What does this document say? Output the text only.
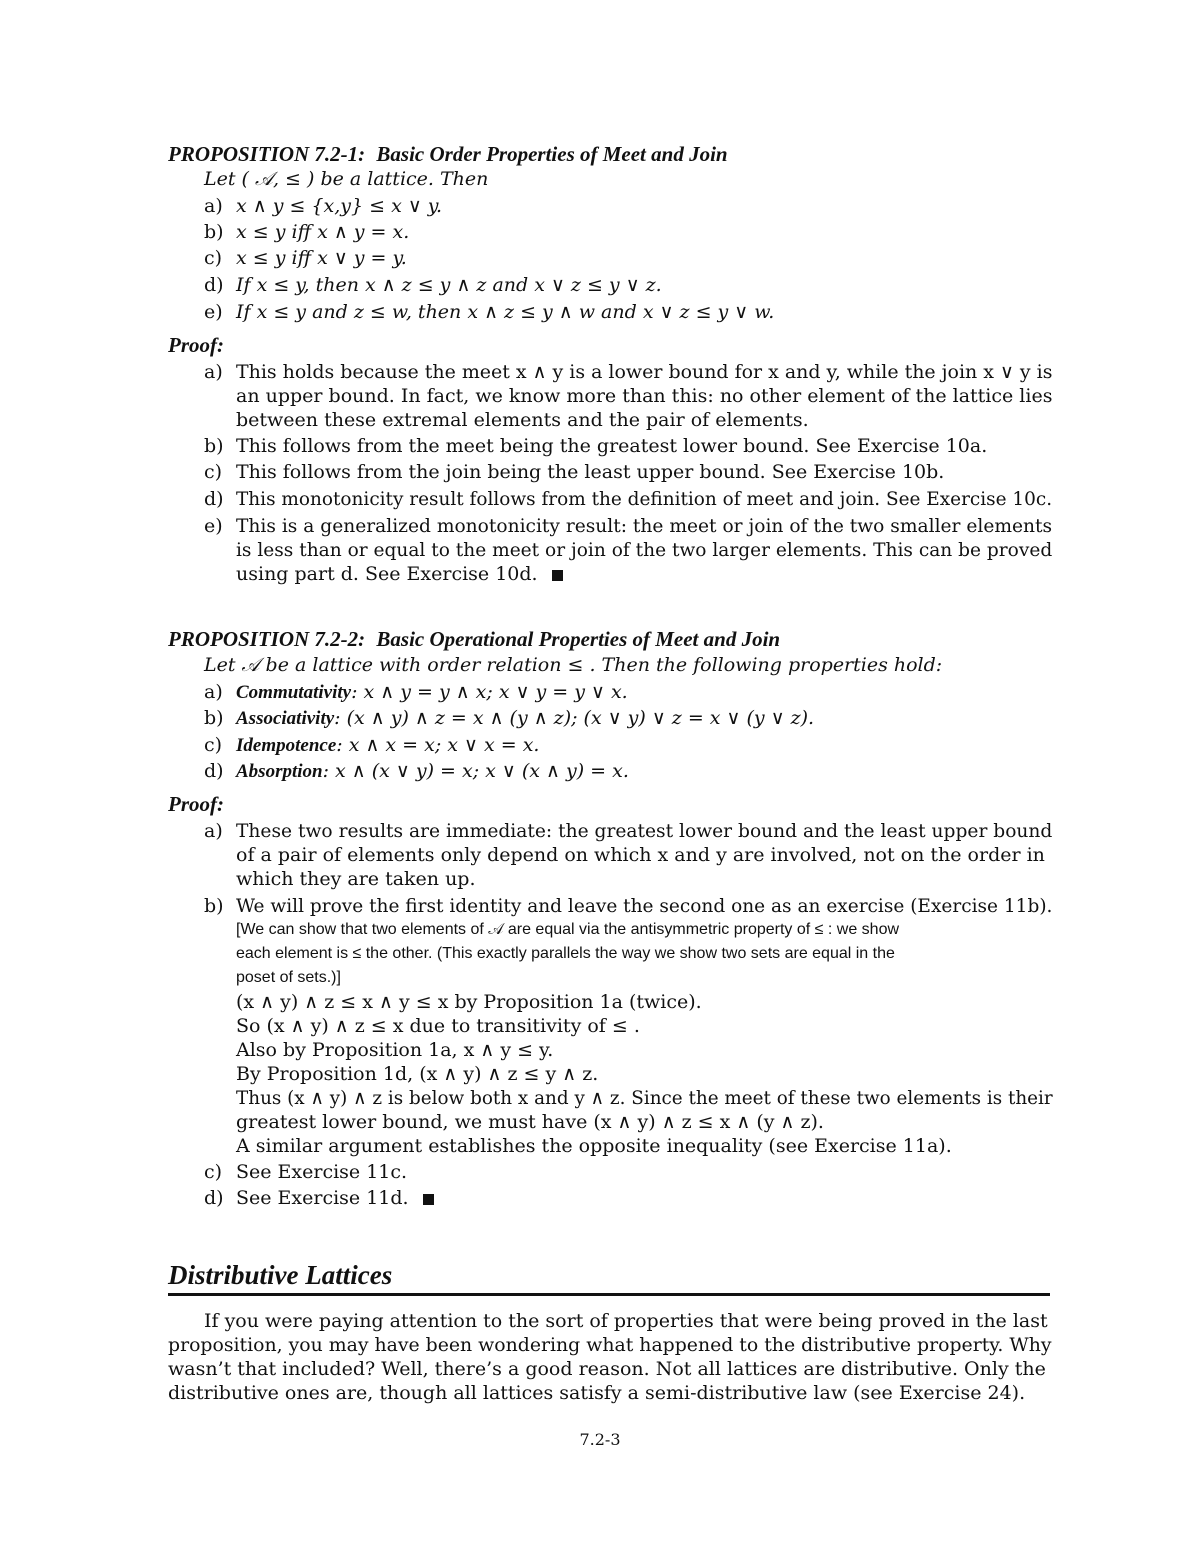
PROPOSITION 7.2-1: Basic Order Properties of Meet and Join
Let ( 𝒜, ≤ ) be a lattice. Then
a) x ∧ y ≤ {x,y} ≤ x ∨ y.
b) x ≤ y iff x ∧ y = x.
c) x ≤ y iff x ∨ y = y.
d) If x ≤ y, then x ∧ z ≤ y ∧ z and x ∨ z ≤ y ∨ z.
e) If x ≤ y and z ≤ w, then x ∧ z ≤ y ∧ w and x ∨ z ≤ y ∨ w.
Proof:
a) This holds because the meet x ∧ y is a lower bound for x and y, while the join x ∨ y is
an upper bound. In fact, we know more than this: no other element of the lattice lies
between these extremal elements and the pair of elements.
b) This follows from the meet being the greatest lower bound. See Exercise 10a.
c) This follows from the join being the least upper bound. See Exercise 10b.
d) This monotonicity result follows from the definition of meet and join. See Exercise 10c.
e) This is a generalized monotonicity result: the meet or join of the two smaller elements
is less than or equal to the meet or join of the two larger elements. This can be proved
using part d. See Exercise 10d.
PROPOSITION 7.2-2: Basic Operational Properties of Meet and Join
Let 𝒜 be a lattice with order relation ≤ . Then the following properties hold:
a) Commutativity: x ∧ y = y ∧ x; x ∨ y = y ∨ x.
b) Associativity: (x ∧ y) ∧ z = x ∧ (y ∧ z); (x ∨ y) ∨ z = x ∨ (y ∨ z).
c) Idempotence: x ∧ x = x; x ∨ x = x.
d) Absorption: x ∧ (x ∨ y) = x; x ∨ (x ∧ y) = x.
Proof:
a) These two results are immediate: the greatest lower bound and the least upper bound
of a pair of elements only depend on which x and y are involved, not on the order in
which they are taken up.
b) We will prove the first identity and leave the second one as an exercise (Exercise 11b).
[We can show that two elements of 𝒜 are equal via the antisymmetric property of ≤ : we show
each element is ≤ the other. (This exactly parallels the way we show two sets are equal in the
poset of sets.)]
(x ∧ y) ∧ z ≤ x ∧ y ≤ x by Proposition 1a (twice).
So (x ∧ y) ∧ z ≤ x due to transitivity of ≤ .
Also by Proposition 1a, x ∧ y ≤ y.
By Proposition 1d, (x ∧ y) ∧ z ≤ y ∧ z.
Thus (x ∧ y) ∧ z is below both x and y ∧ z. Since the meet of these two elements is their
greatest lower bound, we must have (x ∧ y) ∧ z ≤ x ∧ (y ∧ z).
A similar argument establishes the opposite inequality (see Exercise 11a).
c) See Exercise 11c.
d) See Exercise 11d.
Distributive Lattices
If you were paying attention to the sort of properties that were being proved in the last
proposition, you may have been wondering what happened to the distributive property. Why
wasn’t that included? Well, there’s a good reason. Not all lattices are distributive. Only the
distributive ones are, though all lattices satisfy a semi-distributive law (see Exercise 24).
7.2-3
